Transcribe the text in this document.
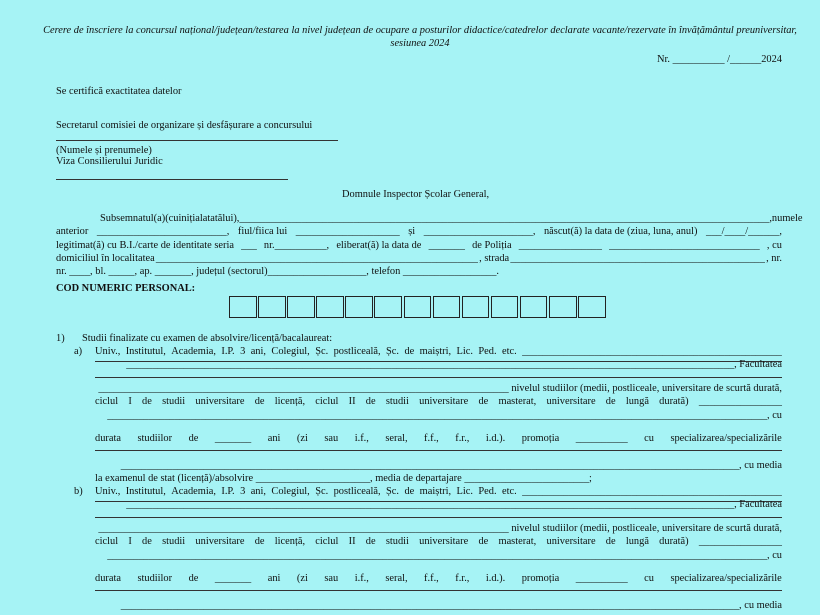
Cerere de înscriere la concursul național/județean/testarea la nivel județean de ocupare a posturilor didactice/catedrelor declarate vacante/rezervate în învățământul preuniversitar, sesiunea 2024
Nr. __________ /______2024
Se certifică exactitatea datelor
Secretarul comisiei de organizare și desfășurare a concursului
(Numele și prenumele)
Viza Consilierului Juridic
Domnule Inspector Școlar General,
Subsemnatul(a) (cu inițiala tatălui), ______________________________________________________________________________________________________, numele
anterior _________________________, fiul/fiica lui ____________________ și _____________________, născut(ă) la data de (ziua, luna, anul) ___/____/______,
legitimat(ă) cu B.I./carte de identitate seria ___ nr.__________, eliberat(ă) la data de _______ de Poliția ________________ _____________________________ , cu
domiciliul în localitatea ______________________________________________________________ , strada _________________________________________________ , nr.
nr. ____, bl. _____, ap. _______, județul (sectorul)___________________, telefon __________________.
COD NUMERIC PERSONAL:
1) Studii finalizate cu examen de absolvire/licență/bacalaureat:
a) Univ., Institutul, Academia, I.P. 3 ani, Colegiul, Șc. postliceală, Șc. de maiștri, Lic. Ped. etc. __________________________________________________
_____________________________________________________________________________________________________________________, Facultatea
_______________________________________________________________________________ nivelul studiilor (medii, postliceale, universitare de scurtă durată,
ciclul I de studii universitare de licență, ciclul II de studii universitare de masterat, universitare de lungă durată) ________________
_______________________________________________________________________________________________________________________________, cu
durata studiilor de _______ ani (zi sau i.f., seral, f.f., f.r., i.d.). promoția __________ cu specializarea/specializările
_______________________________________________________________________________________________________________________, cu media
la examenul de stat (licență)/absolvire ______________________, media de departajare ________________________;
b) Univ., Institutul, Academia, I.P. 3 ani, Colegiul, Șc. postliceală, Șc. de maiștri, Lic. Ped. etc. __________________________________________________
_____________________________________________________________________________________________________________________, Facultatea
_______________________________________________________________________________ nivelul studiilor (medii, postliceale, universitare de scurtă durată,
ciclul I de studii universitare de licență, ciclul II de studii universitare de masterat, universitare de lungă durată) ________________
_______________________________________________________________________________________________________________________________, cu
durata studiilor de _______ ani (zi sau i.f., seral, f.f., f.r., i.d.). promoția __________ cu specializarea/specializările
_______________________________________________________________________________________________________________________, cu media
